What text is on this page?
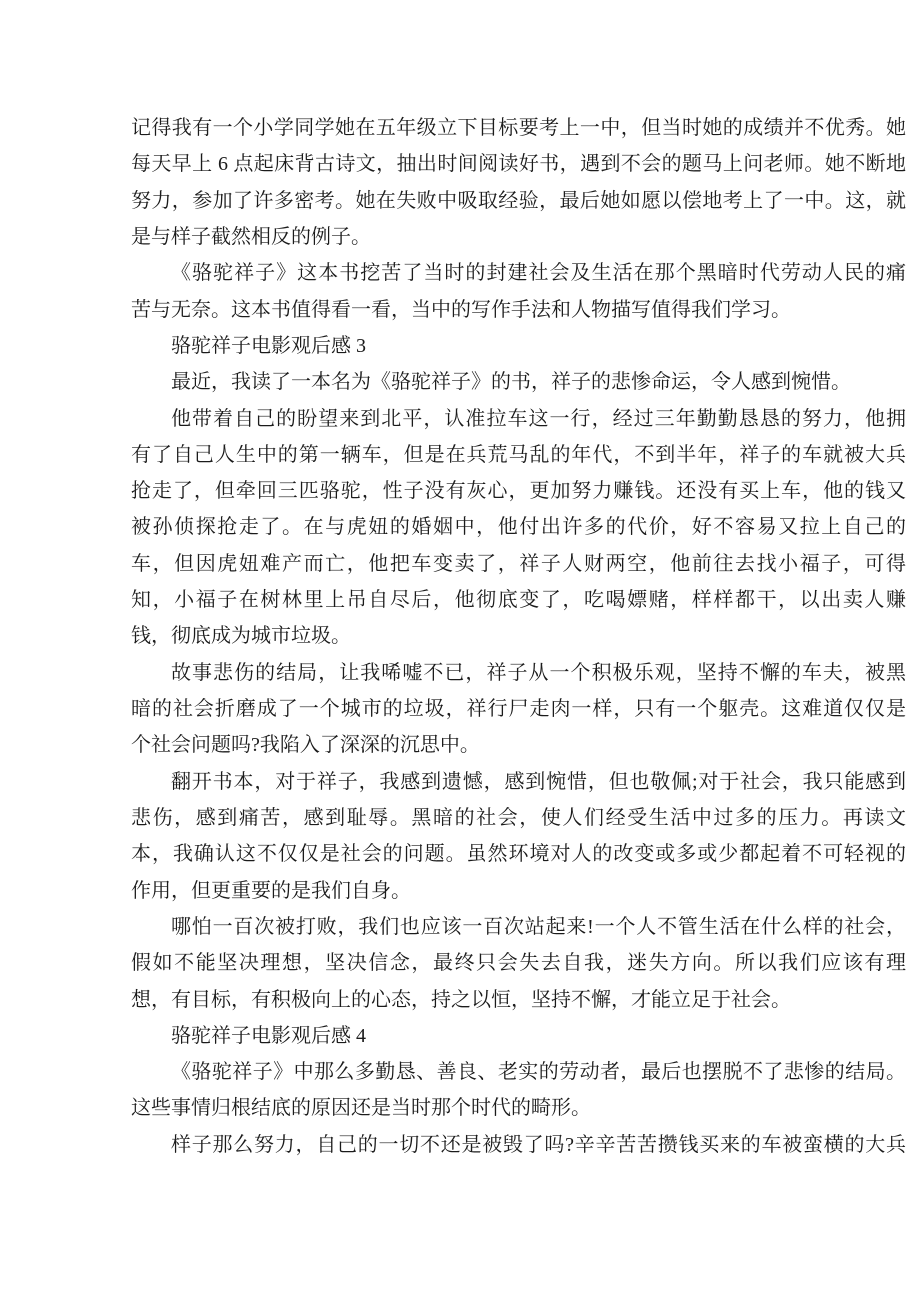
记得我有一个小学同学她在五年级立下目标要考上一中，但当时她的成绩并不优秀。她
每天早上 6 点起床背古诗文，抽出时间阅读好书，遇到不会的题马上问老师。她不断地
努力，参加了许多密考。她在失败中吸取经验，最后她如愿以偿地考上了一中。这，就
是与样子截然相反的例子。
《骆驼祥子》这本书挖苦了当时的封建社会及生活在那个黑暗时代劳动人民的痛
苦与无奈。这本书值得看一看，当中的写作手法和人物描写值得我们学习。
骆驼祥子电影观后感 3
最近，我读了一本名为《骆驼祥子》的书，祥子的悲惨命运，令人感到惋惜。
他带着自己的盼望来到北平，认准拉车这一行，经过三年勤勤恳恳的努力，他拥
有了自己人生中的第一辆车，但是在兵荒马乱的年代，不到半年，祥子的车就被大兵
抢走了，但牵回三匹骆驼，性子没有灰心，更加努力赚钱。还没有买上车，他的钱又
被孙侦探抢走了。在与虎妞的婚姻中，他付出许多的代价，好不容易又拉上自己的
车，但因虎妞难产而亡，他把车变卖了，祥子人财两空，他前往去找小福子，可得
知，小福子在树林里上吊自尽后，他彻底变了，吃喝嫖赌，样样都干，以出卖人赚
钱，彻底成为城市垃圾。
故事悲伤的结局，让我唏嘘不已，祥子从一个积极乐观，坚持不懈的车夫，被黑
暗的社会折磨成了一个城市的垃圾，祥行尸走肉一样，只有一个躯壳。这难道仅仅是
个社会问题吗?我陷入了深深的沉思中。
翻开书本，对于祥子，我感到遗憾，感到惋惜，但也敬佩;对于社会，我只能感到
悲伤，感到痛苦，感到耻辱。黑暗的社会，使人们经受生活中过多的压力。再读文
本，我确认这不仅仅是社会的问题。虽然环境对人的改变或多或少都起着不可轻视的
作用，但更重要的是我们自身。
哪怕一百次被打败，我们也应该一百次站起来!一个人不管生活在什么样的社会，
假如不能坚决理想，坚决信念，最终只会失去自我，迷失方向。所以我们应该有理
想，有目标，有积极向上的心态，持之以恒，坚持不懈，才能立足于社会。
骆驼祥子电影观后感 4
《骆驼祥子》中那么多勤恳、善良、老实的劳动者，最后也摆脱不了悲惨的结局。
这些事情归根结底的原因还是当时那个时代的畸形。
样子那么努力，自己的一切不还是被毁了吗?辛辛苦苦攒钱买来的车被蛮横的大兵
